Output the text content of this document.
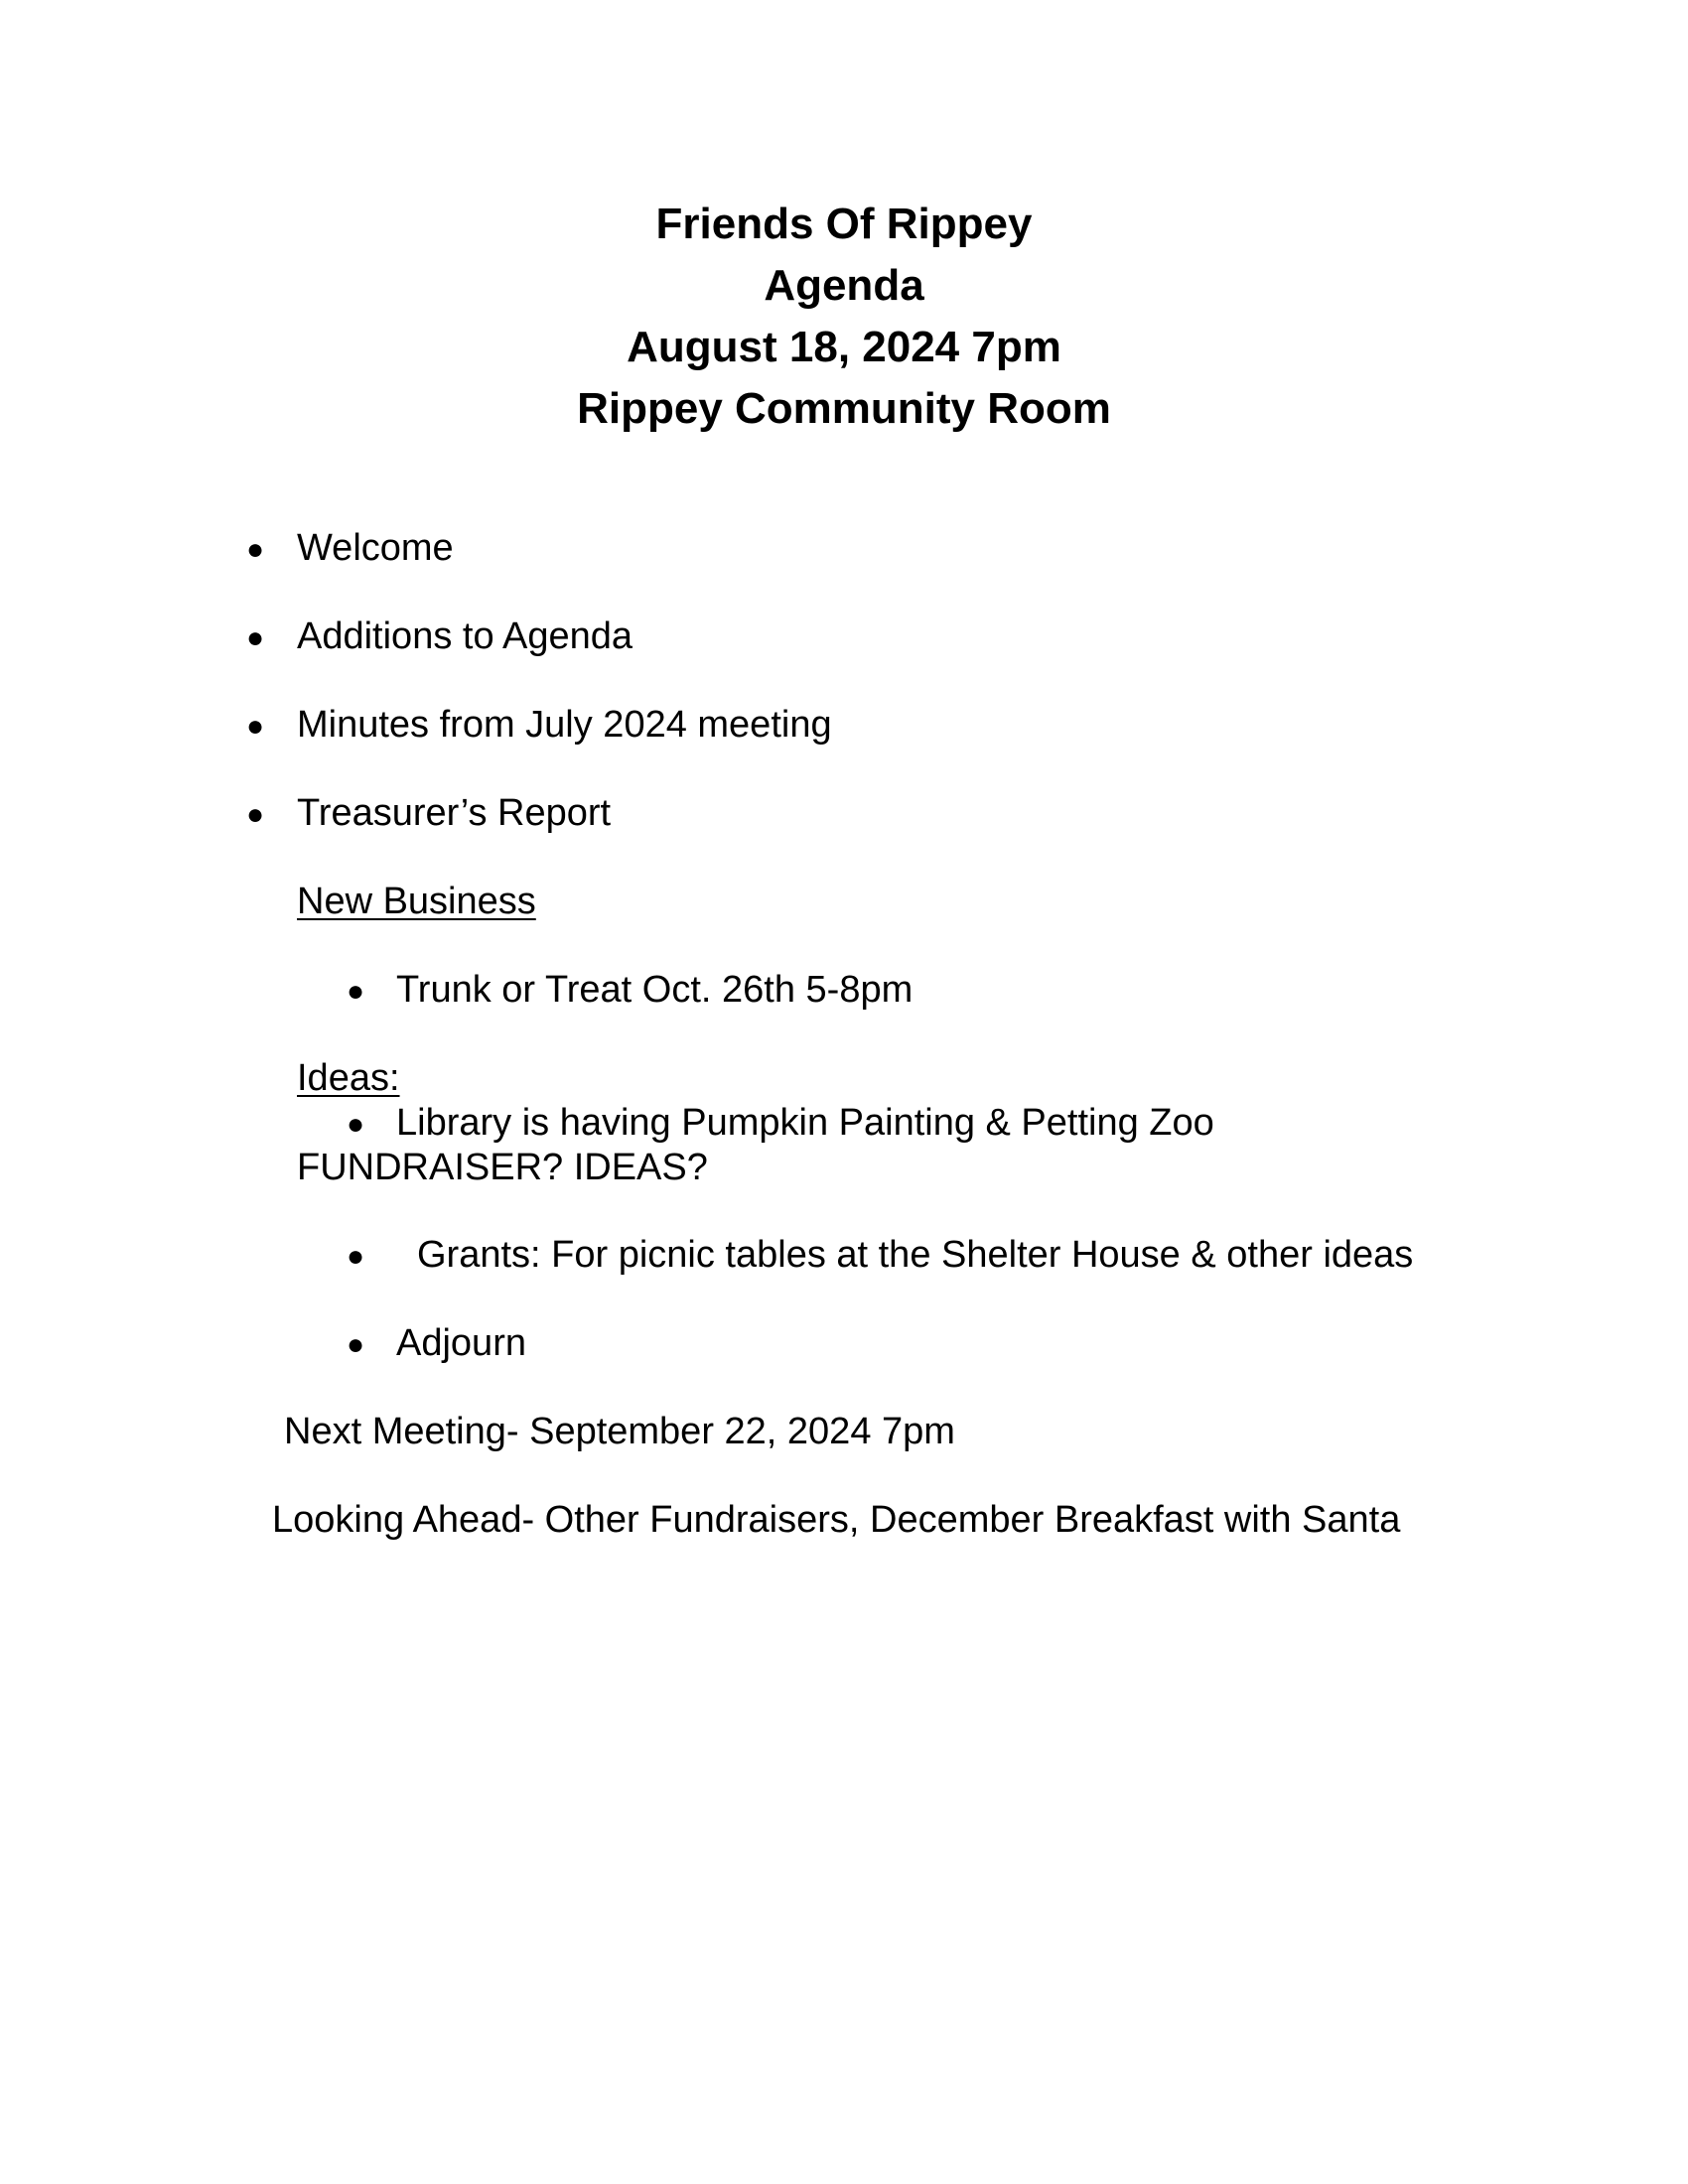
Friends Of Rippey
Agenda
August 18, 2024 7pm
Rippey Community Room
● Welcome
● Additions to Agenda
● Minutes from July 2024 meeting
● Treasurer’s Report
New Business
● Trunk or Treat Oct. 26th 5-8pm
Ideas:
● Library is having Pumpkin Painting & Petting Zoo
FUNDRAISER? IDEAS?
● Grants: For picnic tables at the Shelter House & other ideas
● Adjourn
Next Meeting- September 22, 2024 7pm
Looking Ahead- Other Fundraisers, December Breakfast with Santa
